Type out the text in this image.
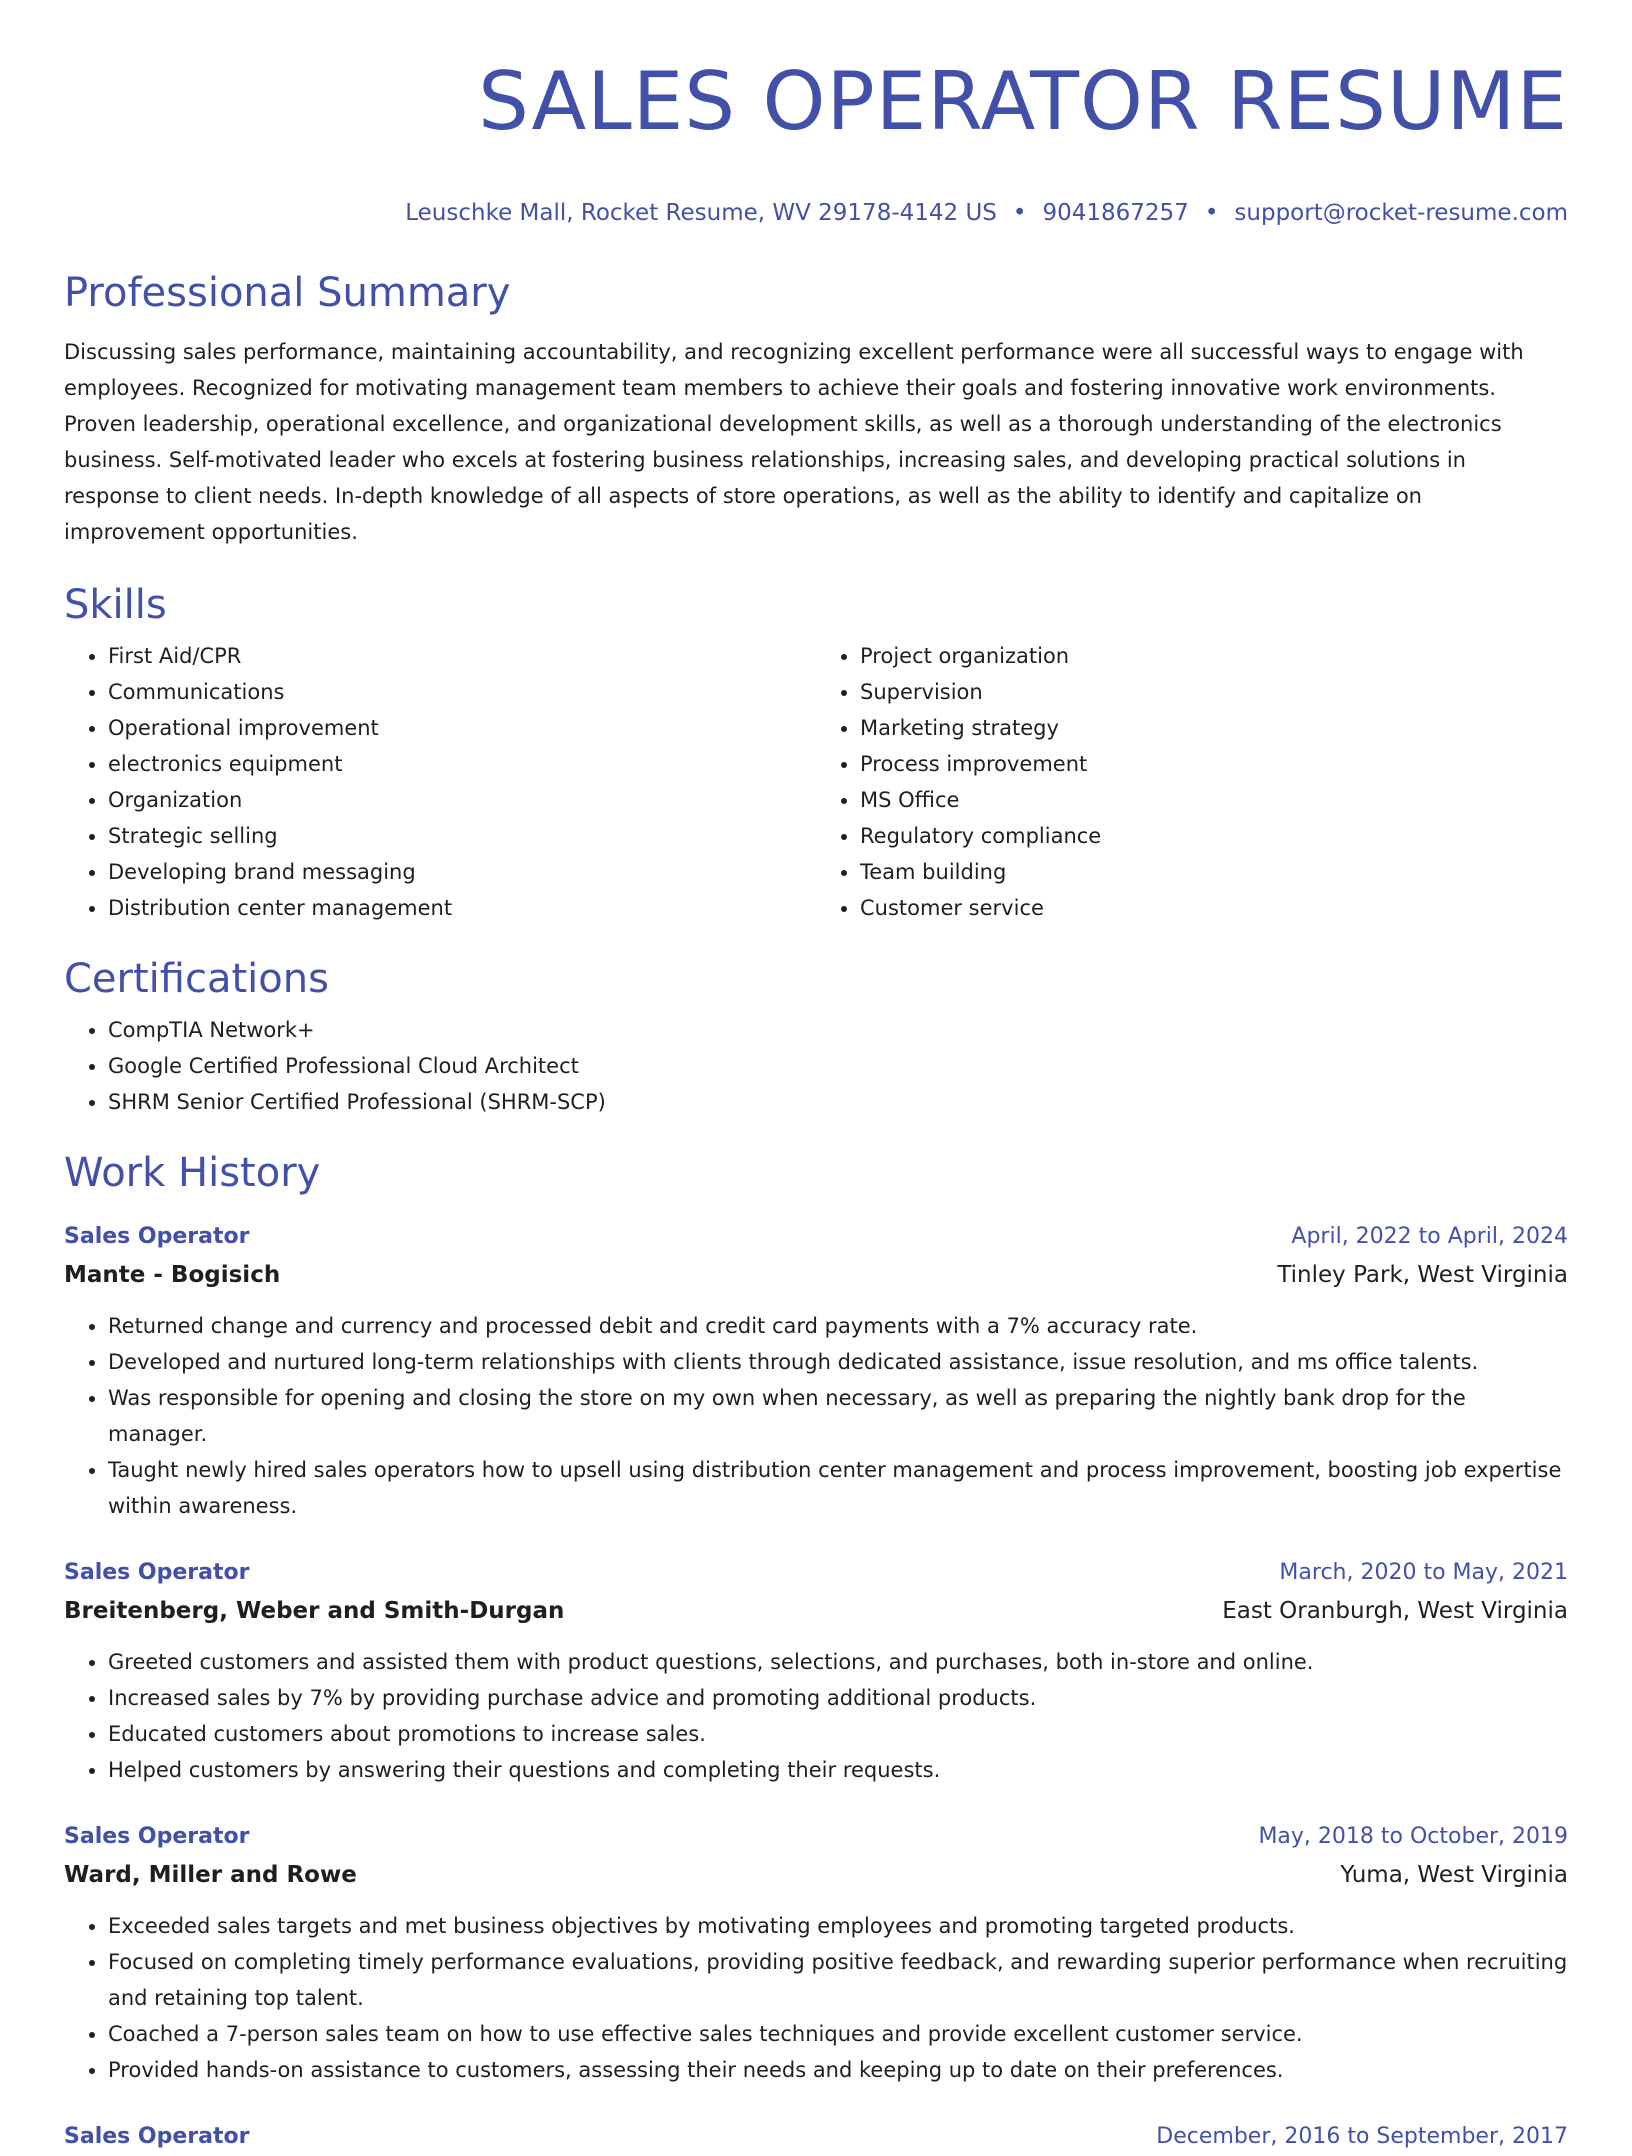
SALES OPERATOR RESUME
Leuschke Mall, Rocket Resume, WV 29178-4142 US • 9041867257 • support@rocket-resume.com
Professional Summary

Discussing sales performance, maintaining accountability, and recognizing excellent performance were all successful ways to engage with employees. Recognized for motivating management team members to achieve their goals and fostering innovative work environments. Proven leadership, operational excellence, and organizational development skills, as well as a thorough understanding of the electronics business. Self-motivated leader who excels at fostering business relationships, increasing sales, and developing practical solutions in response to client needs. In-depth knowledge of all aspects of store operations, as well as the ability to identify and capitalize on improvement opportunities.

Skills
• First Aid/CPR
• Communications
• Operational improvement
• electronics equipment
• Organization
• Strategic selling
• Developing brand messaging
• Distribution center management
• Project organization
• Supervision
• Marketing strategy
• Process improvement
• MS Office
• Regulatory compliance
• Team building
• Customer service
Certifications
• CompTIA Network+
• Google Certified Professional Cloud Architect
• SHRM Senior Certified Professional (SHRM-SCP)
Work History
Sales Operator	April, 2022 to April, 2024
Mante - Bogisich	Tinley Park, West Virginia
• Returned change and currency and processed debit and credit card payments with a 7% accuracy rate.
• Developed and nurtured long-term relationships with clients through dedicated assistance, issue resolution, and ms office talents.
• Was responsible for opening and closing the store on my own when necessary, as well as preparing the nightly bank drop for the manager.
• Taught newly hired sales operators how to upsell using distribution center management and process improvement, boosting job expertise within awareness.
Sales Operator	March, 2020 to May, 2021
Breitenberg, Weber and Smith-Durgan	East Oranburgh, West Virginia
• Greeted customers and assisted them with product questions, selections, and purchases, both in-store and online.
• Increased sales by 7% by providing purchase advice and promoting additional products.
• Educated customers about promotions to increase sales.
• Helped customers by answering their questions and completing their requests.
Sales Operator	May, 2018 to October, 2019
Ward, Miller and Rowe	Yuma, West Virginia
• Exceeded sales targets and met business objectives by motivating employees and promoting targeted products.
• Focused on completing timely performance evaluations, providing positive feedback, and rewarding superior performance when recruiting and retaining top talent.
• Coached a 7-person sales team on how to use effective sales techniques and provide excellent customer service.
• Provided hands-on assistance to customers, assessing their needs and keeping up to date on their preferences.
Sales Operator	December, 2016 to September, 2017
